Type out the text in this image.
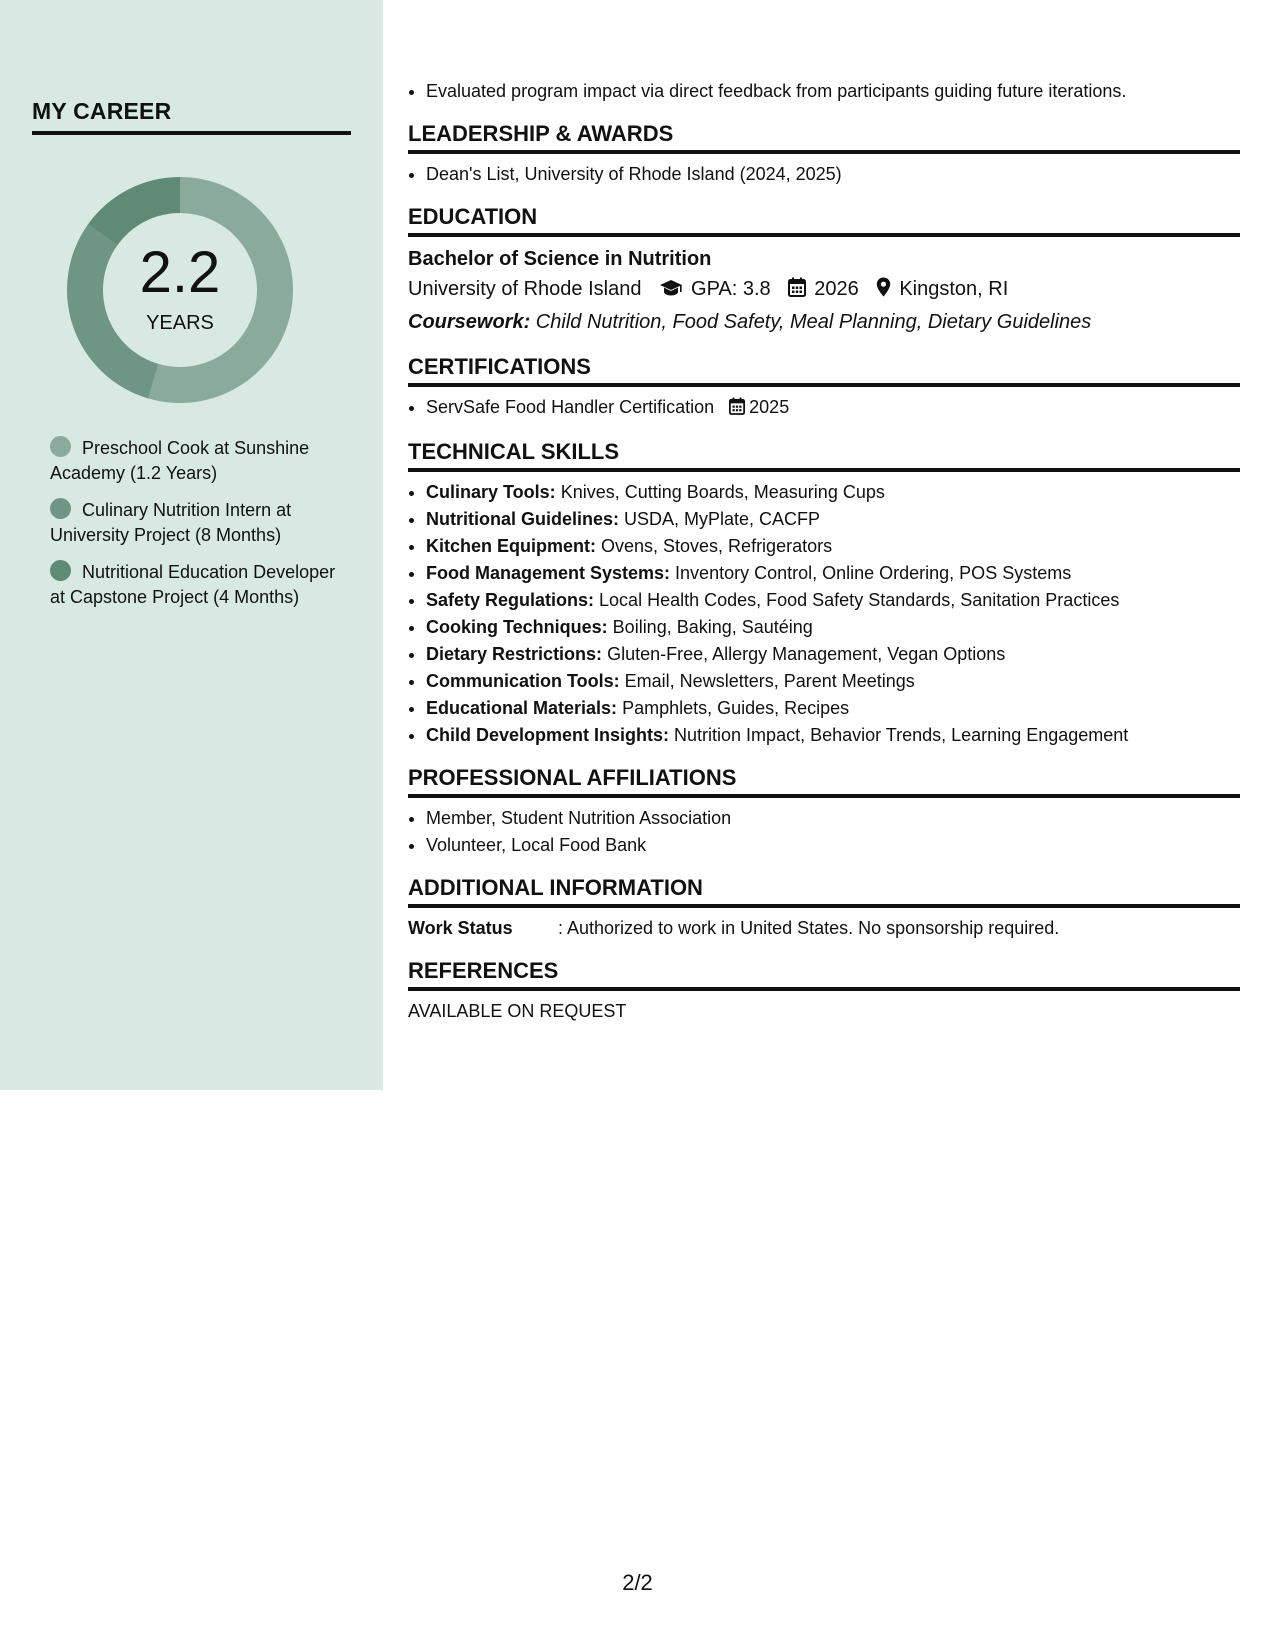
MY CAREER
2.2
YEARS
Preschool Cook at Sunshine Academy (1.2 Years)
Culinary Nutrition Intern at University Project (8 Months)
Nutritional Education Developer at Capstone Project (4 Months)
• Evaluated program impact via direct feedback from participants guiding future iterations.
LEADERSHIP & AWARDS
• Dean's List, University of Rhode Island (2024, 2025)
EDUCATION
Bachelor of Science in Nutrition
University of Rhode Island GPA: 3.8 2026 Kingston, RI
Coursework: Child Nutrition, Food Safety, Meal Planning, Dietary Guidelines
CERTIFICATIONS
• ServSafe Food Handler Certification 2025
TECHNICAL SKILLS
• Culinary Tools: Knives, Cutting Boards, Measuring Cups
• Nutritional Guidelines: USDA, MyPlate, CACFP
• Kitchen Equipment: Ovens, Stoves, Refrigerators
• Food Management Systems: Inventory Control, Online Ordering, POS Systems
• Safety Regulations: Local Health Codes, Food Safety Standards, Sanitation Practices
• Cooking Techniques: Boiling, Baking, Sautéing
• Dietary Restrictions: Gluten-Free, Allergy Management, Vegan Options
• Communication Tools: Email, Newsletters, Parent Meetings
• Educational Materials: Pamphlets, Guides, Recipes
• Child Development Insights: Nutrition Impact, Behavior Trends, Learning Engagement
PROFESSIONAL AFFILIATIONS
• Member, Student Nutrition Association
• Volunteer, Local Food Bank
ADDITIONAL INFORMATION
Work Status	: Authorized to work in United States. No sponsorship required.
REFERENCES
AVAILABLE ON REQUEST
2/2
